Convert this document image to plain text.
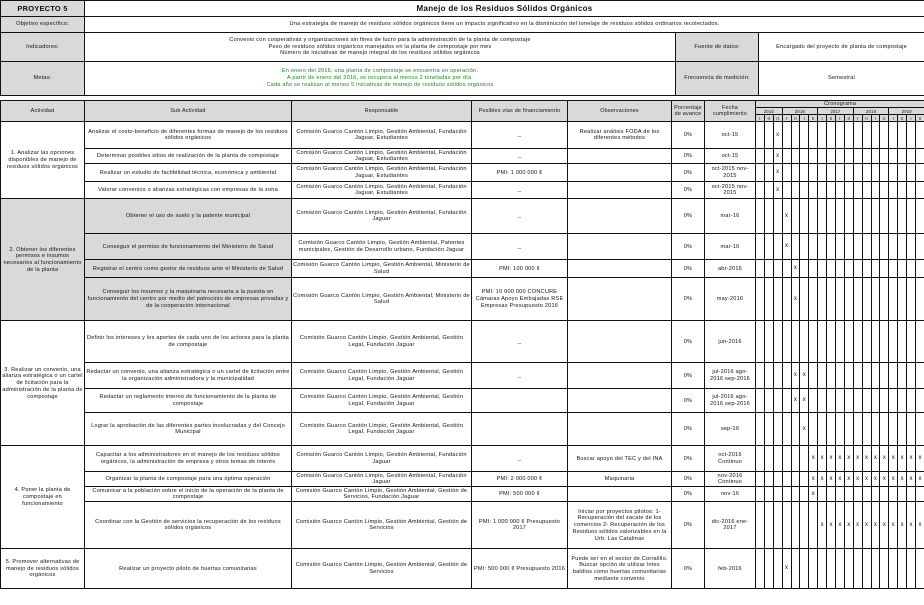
PROYECTO 5	Manejo de los Residuos Sólidos Orgánicos		
Objetivo específico:	Una estrategia de manejo de residuos sólidos orgánicos tiene un impacto significativo en la disminución del tonelaje de residuos sólidos ordinarios recolectados.		
Indicadores:	Convenio con cooperativas y organizaciones sin fines de lucro para la administración de la planta de compostaje
Peso de residuos sólidos orgánicos manejados en la planta de compostaje por mes
Número de iniciativas de manejo integral de los residuos sólidos orgánicos	Fuente de datos:	Encargado del proyecto de planta de compostaje
Metas:	En enero del 2016, una planta de compostaje se encuentra en operación.
A partir de enero del 2016, se recupera al menos 2 toneladas por día.
Cada año se realizan al menos 5 iniciativas de manejo de residuos sólidos orgánicos	Frecuencia de medición:	Semestral
Actividad	Sub Actividad	Responsable	Posibles vías de financiamiento	Observaciones	Porcentaje de avance	Fecha cumplimiento	Cronograma																		
							2015			2016				2017				2018				2019			
							I	II	II	I	II	I	II	I	II	I	II	I	II	I	II	I	II	I	II
1. Analizar las opciones disponibles de manejo de residuos sólidos orgánicos	Analizar el costo-beneficio de diferentes formas de manejo de los residuos sólidos orgánicos	Comisión Guarco Cantón Limpio, Gestión Ambiental, Fundación Jaguar, Estudiantes	_	Realizar análisis FODA de los diferentes métodos	0%	oct-15			x																
	Determinar posibles sitios de realización de la planta de compostaje	Comisión Guarco Cantón Limpio, Gestión Ambiental, Fundación Jaguar, Estudiantes	_		0%	oct-15			x																
	Realizar un estudio de factibilidad técnica, económica y ambiental	Comisión Guarco Cantón Limpio, Gestión Ambiental, Fundación Jaguar, Estudiantes	PMI: 1 000 000 ¢		0%	oct-2015 nov-2015			x																
	Valorar convenios o alianzas estratégicas con empresas de la zona	Comisión Guarco Cantón Limpio, Gestión Ambiental, Fundación Jaguar, Estudiantes	_		0%	oct-2015 nov-2015			x																
2. Obtener los diferentes permisos e insumos necesarios al funcionamiento de la planta	Obtener el uso de suelo y la patente municipal	Comisión Guarco Cantón Limpio, Gestión Ambiental, Fundación Jaguar	_		0%	mar-16				x															
	Conseguir el permiso de funcionamiento del Ministerio de Salud	Comisión Guarco Cantón Limpio, Gestión Ambiental, Patentes municipales, Gestión de Desarrollo urbano, Fundación Jaguar	_		0%	mar-16				x															
	Registrar el centro como gestor de residuos ante el Ministerio de Salud	Comisión Guarco Cantón Limpio, Gestión Ambiental, Ministerio de Salud	PMI: 100 000 ¢		0%	abr-2016					x														
	Conseguir los insumos y la maquinaria necesaria a la puesta en funcionamiento del centro por medio del patrocinio de empresas privadas y de la cooperación internacional	Comisión Guarco Cantón Limpio, Gestión Ambiental, Ministerio de Salud	PMI: 10 000 000 CONCURE Cámaras Apoyo Embajadas RSE Empresas Presupuesto 2016		0%	may-2016					x														
3. Realizar un convenio, una alianza estratégica o un cartel de licitación para la administración de la planta de compostaje	Definir los intereses y los aportes de cada uno de los actores para la planta de compostaje	Comisión Guarco Cantón Limpio, Gestión Ambiental, Gestión Legal, Fundación Jaguar	_		0%	jun-2016																			
	Redactar un convenio, una alianza estratégica o un cartel de licitación entre la organización administradora y la municipalidad	Comisión Guarco Cantón Limpio, Gestión Ambiental, Gestión Legal, Fundación Jaguar	_		0%	jul-2016 ago-2016 sep-2016					x	x													
	Redactar un reglamento interno de funcionamiento de la planta de compostaje	Comisión Guarco Cantón Limpio, Gestión Ambiental, Gestión Legal, Fundación Jaguar			0%	jul-2016 ago-2016 sep-2016					x	x													
	Lograr la aprobación de las diferentes partes involucradas y del Concejo Municipal	Comisión Guarco Cantón Limpio, Gestión Ambiental, Gestión Legal, Fundación Jaguar			0%	sep-16						x													
4. Poner la planta de compostaje en funcionamiento	Capacitar a los administradores en el manejo de los residuos sólidos orgánicos, la administración de empresa y otros temas de interés	Comisión Guarco Cantón Limpio, Gestión Ambiental, Fundación Jaguar	_	Buscar apoyo del TEC y del INA	0%	oct-2016 Continuo							x	x	x	x	x	x	x	x	x	x	x	x	x
	Organizar la planta de compostaje para una óptima operación	Comisión Guarco Cantón Limpio, Gestión Ambiental, Fundación Jaguar	PMI: 2 000 000 ¢	Maquinaria	0%	nov-2016 Continuo							x	x	x	x	x	x	x	x	x	x	x	x	x
	Comunicar a la población sobre el inicio de la operación de la planta de compostaje	Comisión Guarco Cantón Limpio, Gestión Ambiental, Gestión de Servicios, Fundación Jaguar	PMI: 500 000 ¢		0%	nov-16							x												
	Coordinar con la Gestión de servicios la recuperación de los residuos sólidos orgánicos	Comisión Guarco Cantón Limpio, Gestión Ambiental, Gestión de Servicios	PMI: 1 000 000 ¢ Presupuesto 2017	Iniciar por proyectos pilotos: 1- Recuperación del zacate de los comercios 2- Recuperación de los Residuos sólidos valorizables en la Urb. Las Catalinas	0%	dic-2016 ene-2017								x	x	x	x	x	x	x	x	x	x	x	x
5. Promover alternativas de manejo de residuos sólidos orgánicos	Realizar un proyecto piloto de huertas comunitarias	Comisión Guarco Cantón Limpio, Gestión Ambiental, Gestión de Servicios	PMI: 500 000 ¢ Presupuesto 2016	Puede ser en el sector de Corralillo. Buscar opción de utilizar lotes baldíos como huertas comunitarias mediante convenio	0%	feb-2016				x															
